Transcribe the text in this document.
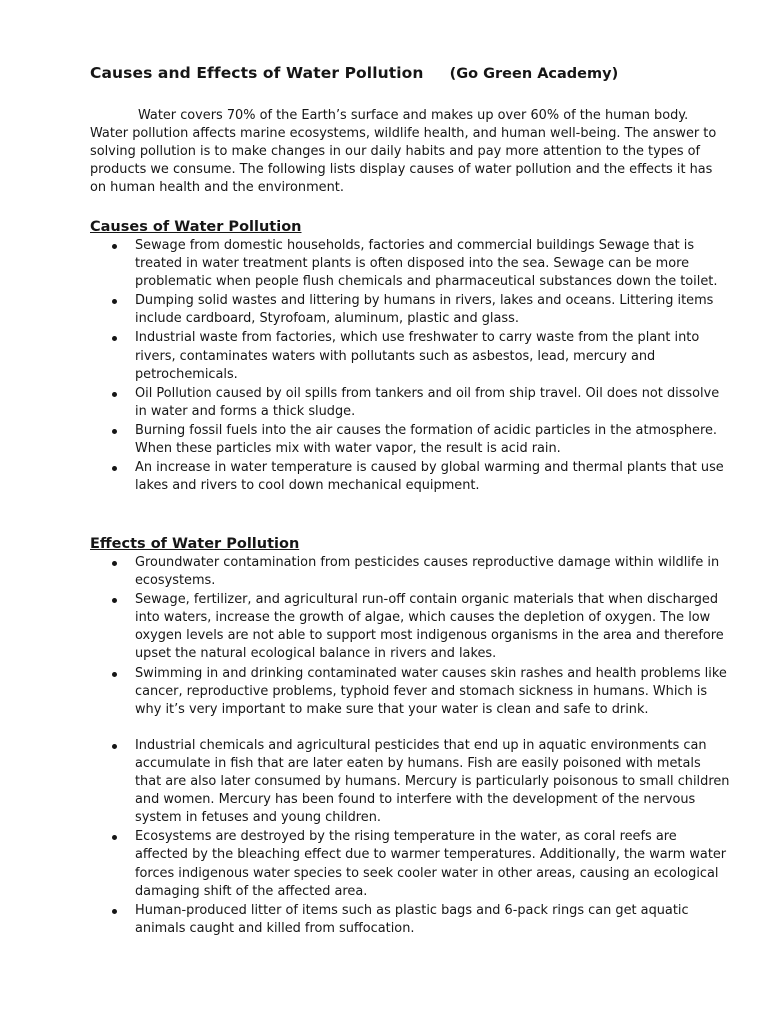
Causes and Effects of Water Pollution (Go Green Academy)

Water covers 70% of the Earth’s surface and makes up over 60% of the human body. Water pollution affects marine ecosystems, wildlife health, and human well-being. The answer to solving pollution is to make changes in our daily habits and pay more attention to the types of products we consume. The following lists display causes of water pollution and the effects it has on human health and the environment.

Causes of Water Pollution
Sewage from domestic households, factories and commercial buildings Sewage that is treated in water treatment plants is often disposed into the sea. Sewage can be more problematic when people flush chemicals and pharmaceutical substances down the toilet.
Dumping solid wastes and littering by humans in rivers, lakes and oceans. Littering items include cardboard, Styrofoam, aluminum, plastic and glass.
Industrial waste from factories, which use freshwater to carry waste from the plant into rivers, contaminates waters with pollutants such as asbestos, lead, mercury and petrochemicals.
Oil Pollution caused by oil spills from tankers and oil from ship travel. Oil does not dissolve in water and forms a thick sludge.
Burning fossil fuels into the air causes the formation of acidic particles in the atmosphere. When these particles mix with water vapor, the result is acid rain.
An increase in water temperature is caused by global warming and thermal plants that use lakes and rivers to cool down mechanical equipment.
Effects of Water Pollution
Groundwater contamination from pesticides causes reproductive damage within wildlife in ecosystems.
Sewage, fertilizer, and agricultural run-off contain organic materials that when discharged into waters, increase the growth of algae, which causes the depletion of oxygen. The low oxygen levels are not able to support most indigenous organisms in the area and therefore upset the natural ecological balance in rivers and lakes.
Swimming in and drinking contaminated water causes skin rashes and health problems like cancer, reproductive problems, typhoid fever and stomach sickness in humans. Which is why it’s very important to make sure that your water is clean and safe to drink.
Industrial chemicals and agricultural pesticides that end up in aquatic environments can accumulate in fish that are later eaten by humans. Fish are easily poisoned with metals that are also later consumed by humans. Mercury is particularly poisonous to small children and women. Mercury has been found to interfere with the development of the nervous system in fetuses and young children.
Ecosystems are destroyed by the rising temperature in the water, as coral reefs are affected by the bleaching effect due to warmer temperatures. Additionally, the warm water forces indigenous water species to seek cooler water in other areas, causing an ecological damaging shift of the affected area.
Human-produced litter of items such as plastic bags and 6-pack rings can get aquatic animals caught and killed from suffocation.
